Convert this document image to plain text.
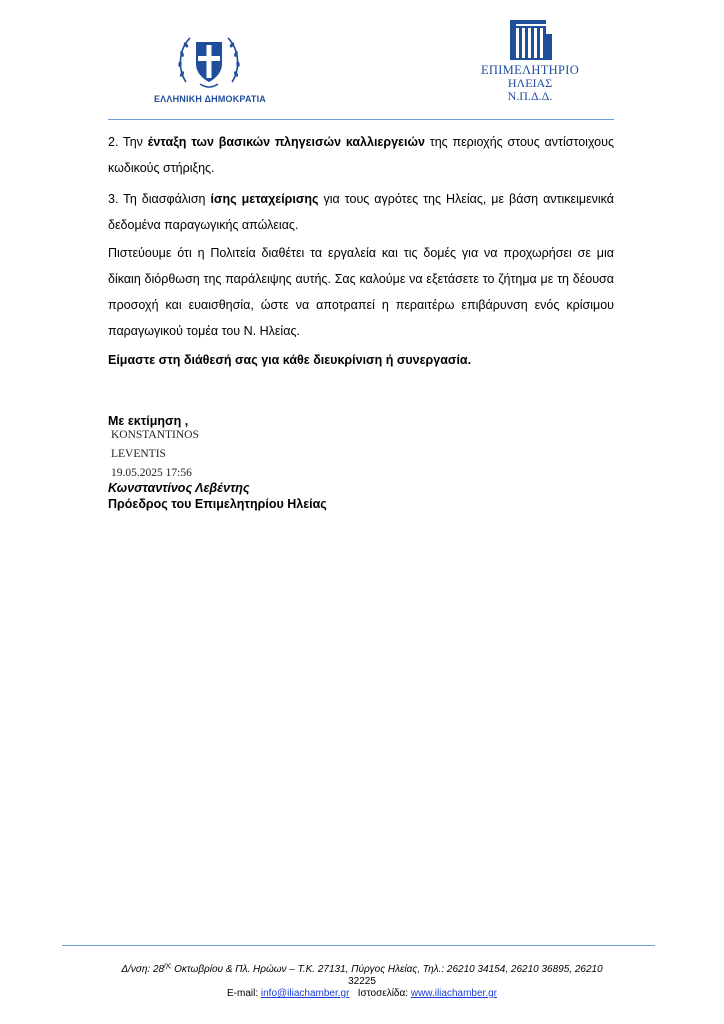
ΕΛΛΗΝΙΚΗ ΔΗΜΟΚΡΑΤΙΑ
ΕΠΙΜΕΛΗΤΗΡΙΟ
ΗΛΕΙΑΣ
Ν.Π.Δ.Δ.
2. Την ένταξη των βασικών πληγεισών καλλιεργειών της περιοχής στους αντίστοιχους κωδικούς στήριξης.
3. Τη διασφάλιση ίσης μεταχείρισης για τους αγρότες της Ηλείας, με βάση αντικειμενικά δεδομένα παραγωγικής απώλειας.
Πιστεύουμε ότι η Πολιτεία διαθέτει τα εργαλεία και τις δομές για να προχωρήσει σε μια δίκαιη διόρθωση της παράλειψης αυτής. Σας καλούμε να εξετάσετε το ζήτημα με τη δέουσα προσοχή και ευαισθησία, ώστε να αποτραπεί η περαιτέρω επιβάρυνση ενός κρίσιμου παραγωγικού τομέα του Ν. Ηλείας.
Είμαστε στη διάθεσή σας για κάθε διευκρίνιση ή συνεργασία.
Με εκτίμηση ,
KONSTANTINOS
LEVENTIS
19.05.2025 17:56
Κωνσταντίνος Λεβέντης
Πρόεδρος του Επιμελητηρίου Ηλείας
Δ/νση: $28^{\eta\varsigma}$ Οκτωβρίου & Πλ. Ηρώων – Τ.Κ. 27131, Πύργος Ηλείας, Τηλ.: 26210 34154, 26210 36895, 26210
32225
E-mail: info@iliachamber.gr   Ιστοσελίδα: www.iliachamber.gr
